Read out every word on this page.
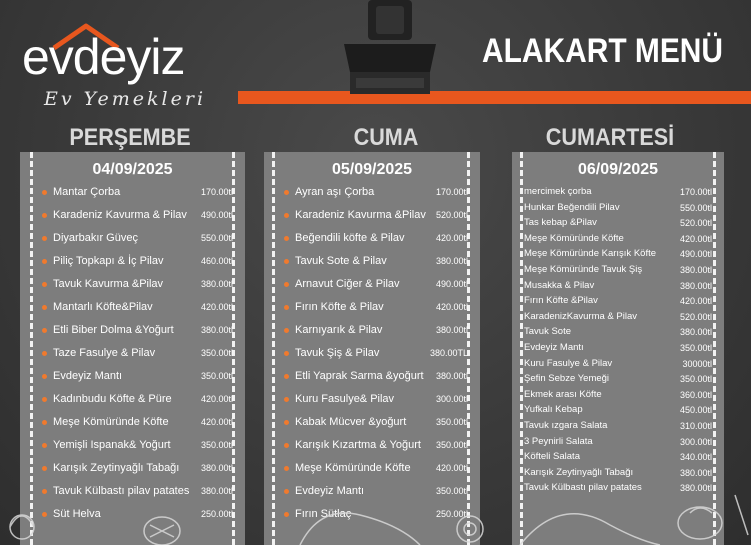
evdeyiz
Ev Yemekleri
ALAKART MENÜ
PERŞEMBE	CUMA	CUMARTESİ
04/09/2025
Mantar Çorba	170.00tl
Karadeniz Kavurma & Pilav 490.00tl
Diyarbakır Güveç	550.00tl
Piliç Topkapı & İç Pilav	460.00tl
Tavuk Kavurma &Pilav	380.00tl
Mantarlı Köfte&Pilav	420.00tl
Etli Biber Dolma &Yoğurt	380.00tl
Taze Fasulye & Pilav	350.00tl
Evdeyiz Mantı	350.00tl
Kadınbudu Köfte & Püre	420.00tl
Meşe Kömüründe Köfte	420.00tl
Yemişli Ispanak& Yoğurt	350.00tl
Karışık Zeytinyağlı Tabağı 380.00tl
Tavuk Külbastı pilav patates 380.00tl
Süt Helva	250.00tl
05/09/2025
Ayran aşı Çorba	170.00tl
Karadeniz Kavurma &Pilav 520.00tl
Beğendili köfte & Pilav	420.00tl
Tavuk Sote & Pilav	380.00tl
Arnavut Ciğer & Pilav	490.00tl
Fırın Köfte & Pilav	420.00tl
Karnıyarık & Pilav	380.00tl
Tavuk Şiş & Pilav	380.00TL
Etli Yaprak Sarma &yoğurt 380.00tl
Kuru Fasulye& Pilav	300.00tl
Kabak Mücver &yoğurt	350.00tl
Karışık Kızartma & Yoğurt 350.00tl
Meşe Kömüründe Köfte	420.00tl
Evdeyiz Mantı	350.00tl
Fırın Sütlaç	250.00tl
06/09/2025
mercimek çorba	170.00tl
Hunkar Beğendili Pilav	550.00tl
Tas kebap &Pilav	520.00tl
Meşe Kömüründe Köfte	420.00tl
Meşe Kömüründe Karışık Köfte	490.00tl
Meşe Kömüründe Tavuk Şiş	380.00tl
Musakka & Pilav	380.00tl
Fırın Köfte &Pilav	420.00tl
KaradenizKavurma & Pilav	520.00tl
Tavuk Sote	380.00tl
Evdeyiz Mantı	350.00tl
Kuru Fasulye & Pilav	30000tl
Şefin Sebze Yemeği	350.00tl
Ekmek arası Köfte	360.00tl
Yufkalı Kebap	450.00tl
Tavuk ızgara Salata	310.00tl
3 Peynirli Salata	300.00tl
Köfteli Salata	340.00tl
Karışık Zeytinyağlı Tabağı	380.00tl
Tavuk Külbastı pilav patates	380.00tl
